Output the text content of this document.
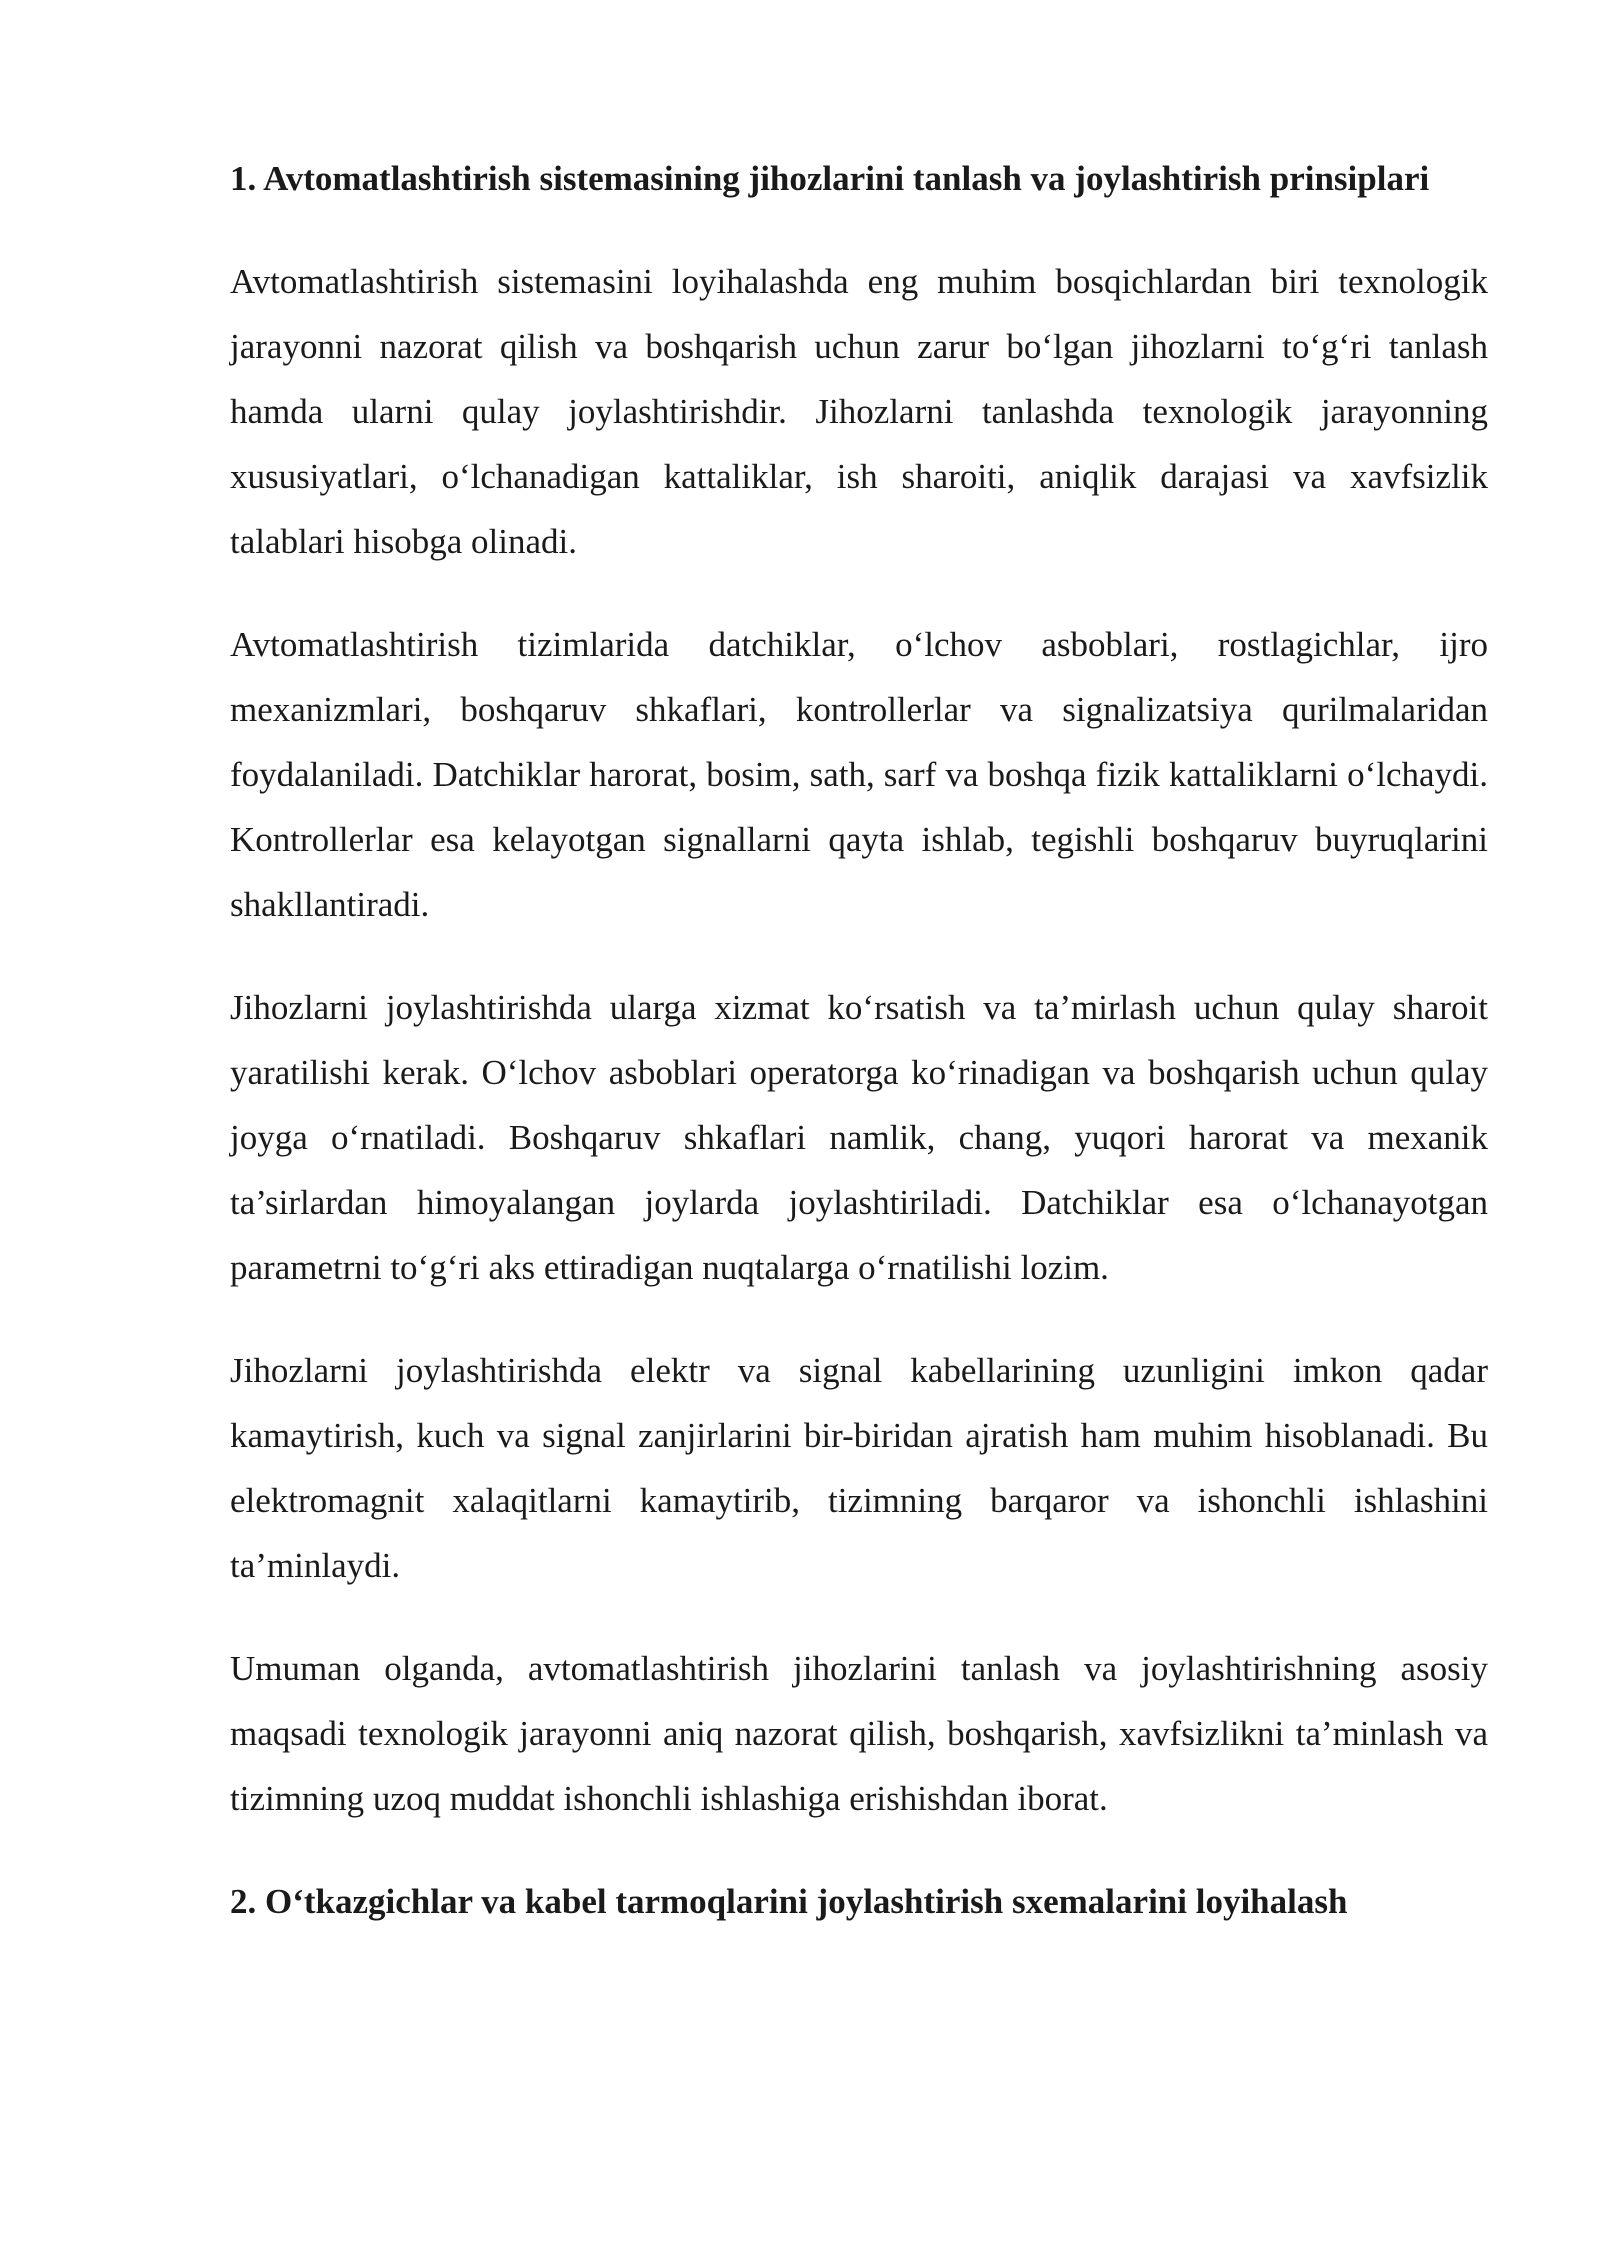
1. Avtomatlashtirish sistemasining jihozlarini tanlash va joylashtirish prinsiplari

Avtomatlashtirish sistemasini loyihalashda eng muhim bosqichlardan biri texnologik jarayonni nazorat qilish va boshqarish uchun zarur bo‘lgan jihozlarni to‘g‘ri tanlash hamda ularni qulay joylashtirishdir. Jihozlarni tanlashda texnologik jarayonning xususiyatlari, o‘lchanadigan kattaliklar, ish sharoiti, aniqlik darajasi va xavfsizlik talablari hisobga olinadi.

Avtomatlashtirish tizimlarida datchiklar, o‘lchov asboblari, rostlagichlar, ijro mexanizmlari, boshqaruv shkaflari, kontrollerlar va signalizatsiya qurilmalaridan foydalaniladi. Datchiklar harorat, bosim, sath, sarf va boshqa fizik kattaliklarni o‘lchaydi. Kontrollerlar esa kelayotgan signallarni qayta ishlab, tegishli boshqaruv buyruqlarini shakllantiradi.

Jihozlarni joylashtirishda ularga xizmat ko‘rsatish va ta’mirlash uchun qulay sharoit yaratilishi kerak. O‘lchov asboblari operatorga ko‘rinadigan va boshqarish uchun qulay joyga o‘rnatiladi. Boshqaruv shkaflari namlik, chang, yuqori harorat va mexanik ta’sirlardan himoyalangan joylarda joylashtiriladi. Datchiklar esa o‘lchanayotgan parametrni to‘g‘ri aks ettiradigan nuqtalarga o‘rnatilishi lozim.

Jihozlarni joylashtirishda elektr va signal kabellarining uzunligini imkon qadar kamaytirish, kuch va signal zanjirlarini bir-biridan ajratish ham muhim hisoblanadi. Bu elektromagnit xalaqitlarni kamaytirib, tizimning barqaror va ishonchli ishlashini ta’minlaydi.

Umuman olganda, avtomatlashtirish jihozlarini tanlash va joylashtirishning asosiy maqsadi texnologik jarayonni aniq nazorat qilish, boshqarish, xavfsizlikni ta’minlash va tizimning uzoq muddat ishonchli ishlashiga erishishdan iborat.

2. O‘tkazgichlar va kabel tarmoqlarini joylashtirish sxemalarini loyihalash
